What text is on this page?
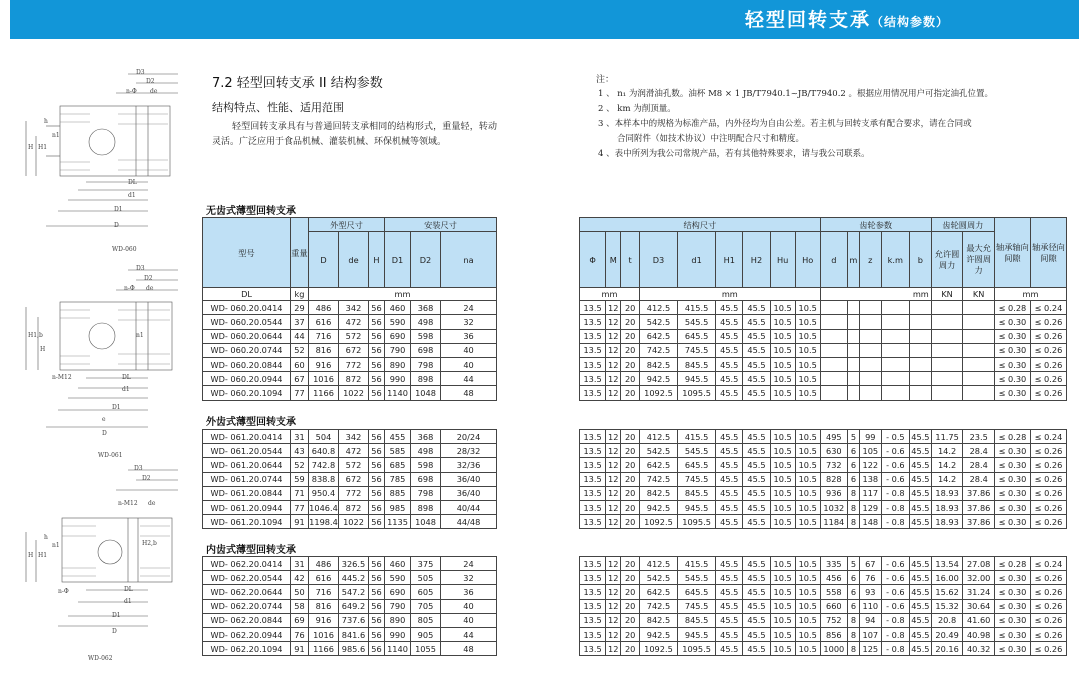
轻型回转支承（结构参数）
D3
D2
n-Φ de
H H1
n1
DL
d1
D1
D
h
WD-060
D3
D2
n-Φ de
H1,b
H
n1
n-M12	DL
d1
D1
D
e
WD-061
D3
D2
n-M12 de
H H1
H2,b
n1
n-Φ	DL
d1
D1
D
h
WD-062
7.2 轻型回转支承 II 结构参数
结构特点、性能、适用范围
轻型回转支承具有与普通回转支承相同的结构形式，重量轻，转动灵活。广泛应用于食品机械、灌装机械、环保机械等领域。
注：
1 、 n₁ 为润滑油孔数。油杯 M8 × 1 JB/T7940.1~JB/T7940.2 。根据应用情况用户可指定油孔位置。
2 、 km 为削顶量。
3 、本样本中的规格为标准产品，内外径均为自由公差。若主机与回转支承有配合要求，请在合同或
合同附件（如技术协议）中注明配合尺寸和精度。
4 、表中所列为我公司常规产品，若有其他特殊要求，请与我公司联系。
无齿式薄型回转支承
外齿式薄型回转支承
内齿式薄型回转支承
型号	重量	外型尺寸			安装尺寸		
		D	de	H	D1	D2	na
DL	kg	mm					
WD- 060.20.0414	29	486	342	56	460	368	24
WD- 060.20.0544	37	616	472	56	590	498	32
WD- 060.20.0644	44	716	572	56	690	598	36
WD- 060.20.0744	52	816	672	56	790	698	40
WD- 060.20.0844	60	916	772	56	890	798	40
WD- 060.20.0944	67	1016	872	56	990	898	44
WD- 060.20.1094	77	1166	1022	56	1140	1048	48
结构尺寸									齿轮参数					齿轮圆周力		轴承轴向间隙	轴承径向间隙
Φ	M	t	D3	d1	H1	H2	Hu	Ho	d	m	z	k.m	b	允许圆周力	最大允许圆周力		
mm			mm						mm					KN	KN	mm	
13.5	12	20	412.5	415.5	45.5	45.5	10.5	10.5								≤ 0.28	≤ 0.24
13.5	12	20	542.5	545.5	45.5	45.5	10.5	10.5								≤ 0.30	≤ 0.26
13.5	12	20	642.5	645.5	45.5	45.5	10.5	10.5								≤ 0.30	≤ 0.26
13.5	12	20	742.5	745.5	45.5	45.5	10.5	10.5								≤ 0.30	≤ 0.26
13.5	12	20	842.5	845.5	45.5	45.5	10.5	10.5								≤ 0.30	≤ 0.26
13.5	12	20	942.5	945.5	45.5	45.5	10.5	10.5								≤ 0.30	≤ 0.26
13.5	12	20	1092.5	1095.5	45.5	45.5	10.5	10.5								≤ 0.30	≤ 0.26
WD- 061.20.0414	31	504	342	56	455	368	20/24
WD- 061.20.0544	43	640.8	472	56	585	498	28/32
WD- 061.20.0644	52	742.8	572	56	685	598	32/36
WD- 061.20.0744	59	838.8	672	56	785	698	36/40
WD- 061.20.0844	71	950.4	772	56	885	798	36/40
WD- 061.20.0944	77	1046.4	872	56	985	898	40/44
WD- 061.20.1094	91	1198.4	1022	56	1135	1048	44/48
13.5	12	20	412.5	415.5	45.5	45.5	10.5	10.5	495	5	99	- 0.5	45.5	11.75	23.5	≤ 0.28	≤ 0.24
13.5	12	20	542.5	545.5	45.5	45.5	10.5	10.5	630	6	105	- 0.6	45.5	14.2	28.4	≤ 0.30	≤ 0.26
13.5	12	20	642.5	645.5	45.5	45.5	10.5	10.5	732	6	122	- 0.6	45.5	14.2	28.4	≤ 0.30	≤ 0.26
13.5	12	20	742.5	745.5	45.5	45.5	10.5	10.5	828	6	138	- 0.6	45.5	14.2	28.4	≤ 0.30	≤ 0.26
13.5	12	20	842.5	845.5	45.5	45.5	10.5	10.5	936	8	117	- 0.8	45.5	18.93	37.86	≤ 0.30	≤ 0.26
13.5	12	20	942.5	945.5	45.5	45.5	10.5	10.5	1032	8	129	- 0.8	45.5	18.93	37.86	≤ 0.30	≤ 0.26
13.5	12	20	1092.5	1095.5	45.5	45.5	10.5	10.5	1184	8	148	- 0.8	45.5	18.93	37.86	≤ 0.30	≤ 0.26
WD- 062.20.0414	31	486	326.5	56	460	375	24
WD- 062.20.0544	42	616	445.2	56	590	505	32
WD- 062.20.0644	50	716	547.2	56	690	605	36
WD- 062.20.0744	58	816	649.2	56	790	705	40
WD- 062.20.0844	69	916	737.6	56	890	805	40
WD- 062.20.0944	76	1016	841.6	56	990	905	44
WD- 062.20.1094	91	1166	985.6	56	1140	1055	48
13.5	12	20	412.5	415.5	45.5	45.5	10.5	10.5	335	5	67	- 0.6	45.5	13.54	27.08	≤ 0.28	≤ 0.24
13.5	12	20	542.5	545.5	45.5	45.5	10.5	10.5	456	6	76	- 0.6	45.5	16.00	32.00	≤ 0.30	≤ 0.26
13.5	12	20	642.5	645.5	45.5	45.5	10.5	10.5	558	6	93	- 0.6	45.5	15.62	31.24	≤ 0.30	≤ 0.26
13.5	12	20	742.5	745.5	45.5	45.5	10.5	10.5	660	6	110	- 0.6	45.5	15.32	30.64	≤ 0.30	≤ 0.26
13.5	12	20	842.5	845.5	45.5	45.5	10.5	10.5	752	8	94	- 0.8	45.5	20.8	41.60	≤ 0.30	≤ 0.26
13.5	12	20	942.5	945.5	45.5	45.5	10.5	10.5	856	8	107	- 0.8	45.5	20.49	40.98	≤ 0.30	≤ 0.26
13.5	12	20	1092.5	1095.5	45.5	45.5	10.5	10.5	1000	8	125	- 0.8	45.5	20.16	40.32	≤ 0.30	≤ 0.26
